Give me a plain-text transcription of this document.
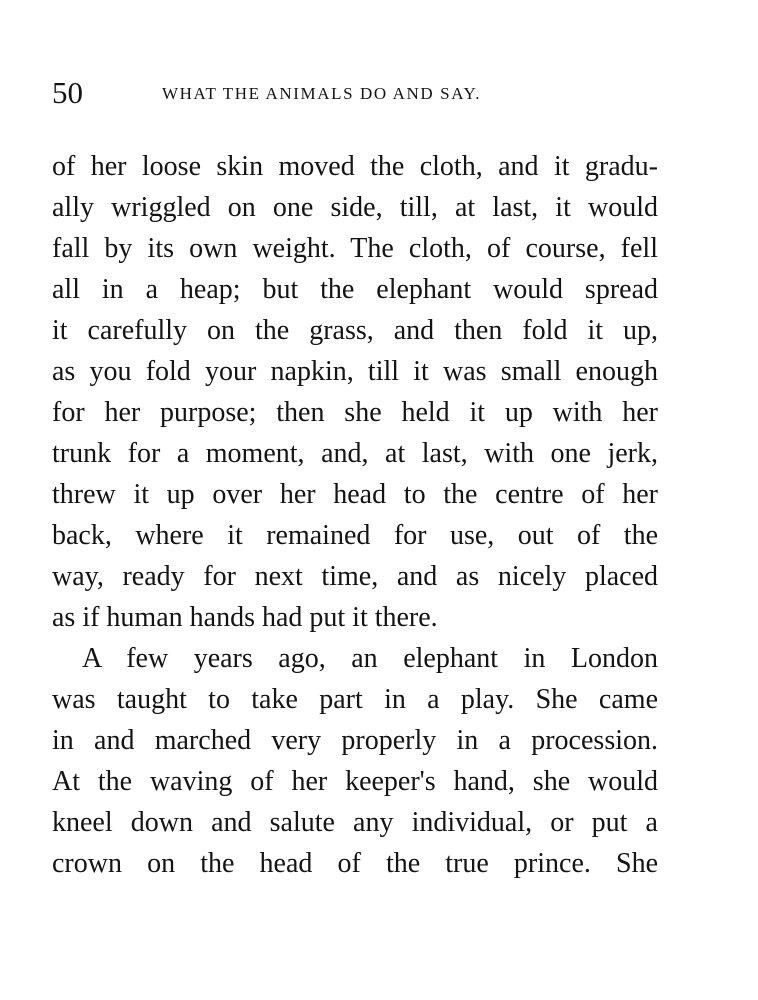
50	WHAT THE ANIMALS DO AND SAY.
of her loose skin moved the cloth, and it gradu-
ally wriggled on one side, till, at last, it would
fall by its own weight. The cloth, of course, fell
all in a heap; but the elephant would spread
it carefully on the grass, and then fold it up,
as you fold your napkin, till it was small enough
for her purpose; then she held it up with her
trunk for a moment, and, at last, with one jerk,
threw it up over her head to the centre of her
back, where it remained for use, out of the
way, ready for next time, and as nicely placed
as if human hands had put it there.
A few years ago, an elephant in London
was taught to take part in a play. She came
in and marched very properly in a procession.
At the waving of her keeper's hand, she would
kneel down and salute any individual, or put a
crown on the head of the true prince. She
